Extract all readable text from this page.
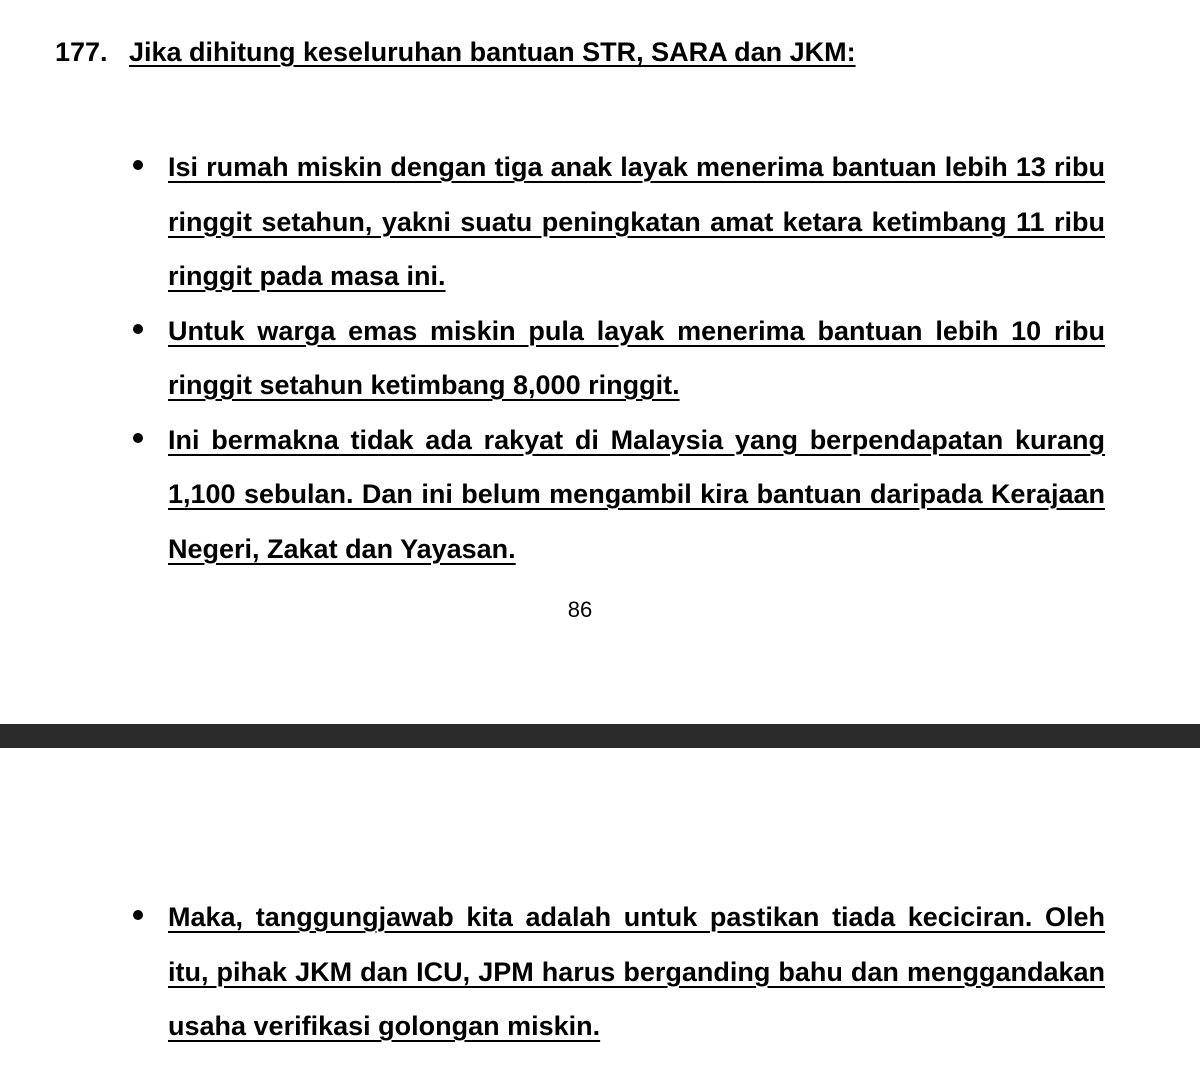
177. Jika dihitung keseluruhan bantuan STR, SARA dan JKM:
Isi rumah miskin dengan tiga anak layak menerima bantuan lebih 13 ribu ringgit setahun, yakni suatu peningkatan amat ketara ketimbang 11 ribu ringgit pada masa ini.
Untuk warga emas miskin pula layak menerima bantuan lebih 10 ribu ringgit setahun ketimbang 8,000 ringgit.
Ini bermakna tidak ada rakyat di Malaysia yang berpendapatan kurang 1,100 sebulan. Dan ini belum mengambil kira bantuan daripada Kerajaan Negeri, Zakat dan Yayasan.
86
Maka, tanggungjawab kita adalah untuk pastikan tiada keciciran. Oleh itu, pihak JKM dan ICU, JPM harus berganding bahu dan menggandakan usaha verifikasi golongan miskin.
